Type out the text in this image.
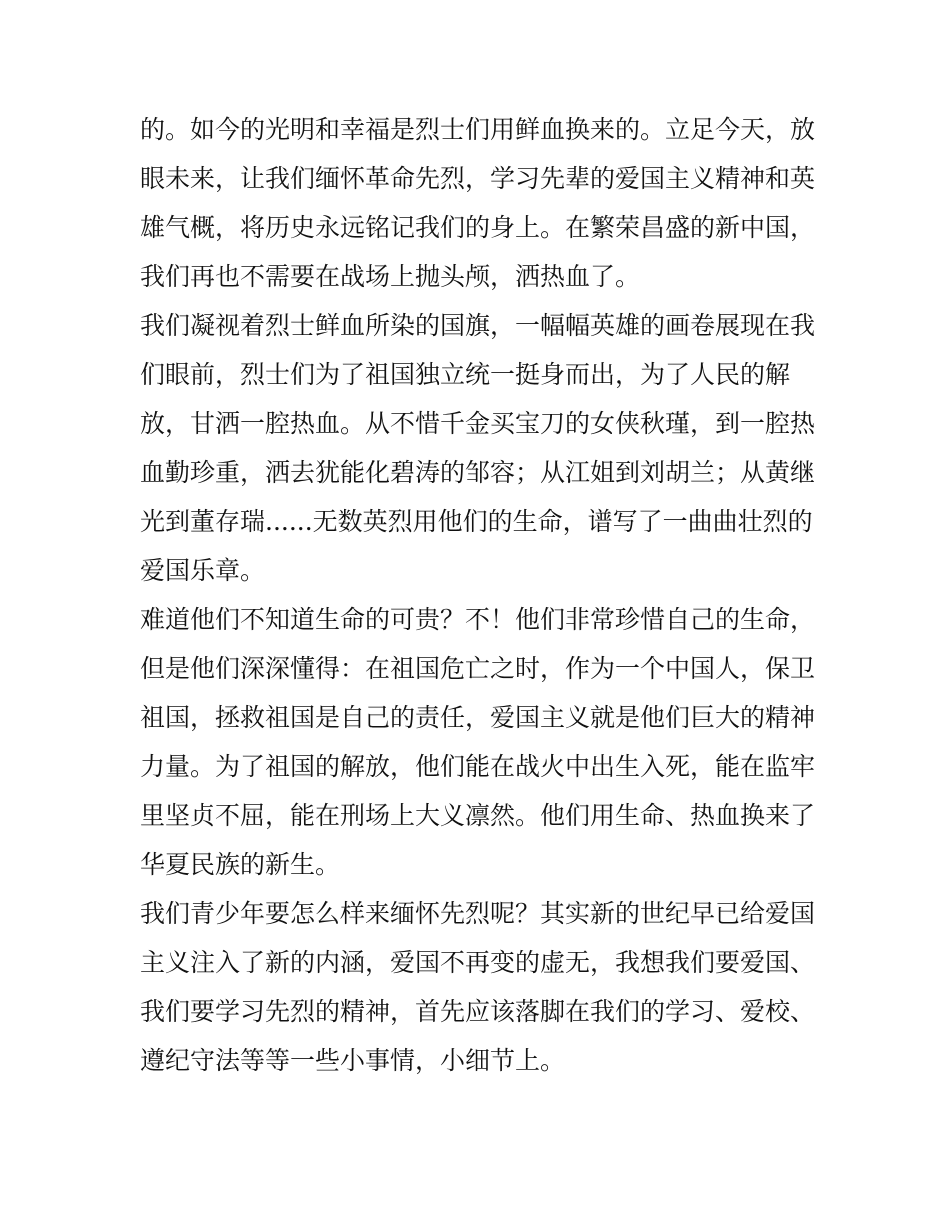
的。如今的光明和幸福是烈士们用鲜血换来的。立足今天，放
眼未来，让我们缅怀革命先烈，学习先辈的爱国主义精神和英
雄气概，将历史永远铭记我们的身上。在繁荣昌盛的新中国，
我们再也不需要在战场上抛头颅，洒热血了。
我们凝视着烈士鲜血所染的国旗，一幅幅英雄的画卷展现在我
们眼前，烈士们为了祖国独立统一挺身而出，为了人民的解
放，甘洒一腔热血。从不惜千金买宝刀的女侠秋瑾，到一腔热
血勤珍重，洒去犹能化碧涛的邹容；从江姐到刘胡兰；从黄继
光到董存瑞......无数英烈用他们的生命，谱写了一曲曲壮烈的
爱国乐章。
难道他们不知道生命的可贵？不！他们非常珍惜自己的生命，
但是他们深深懂得：在祖国危亡之时，作为一个中国人，保卫
祖国，拯救祖国是自己的责任，爱国主义就是他们巨大的精神
力量。为了祖国的解放，他们能在战火中出生入死，能在监牢
里坚贞不屈，能在刑场上大义凛然。他们用生命、热血换来了
华夏民族的新生。
我们青少年要怎么样来缅怀先烈呢？其实新的世纪早已给爱国
主义注入了新的内涵，爱国不再变的虚无，我想我们要爱国、
我们要学习先烈的精神，首先应该落脚在我们的学习、爱校、
遵纪守法等等一些小事情，小细节上。
